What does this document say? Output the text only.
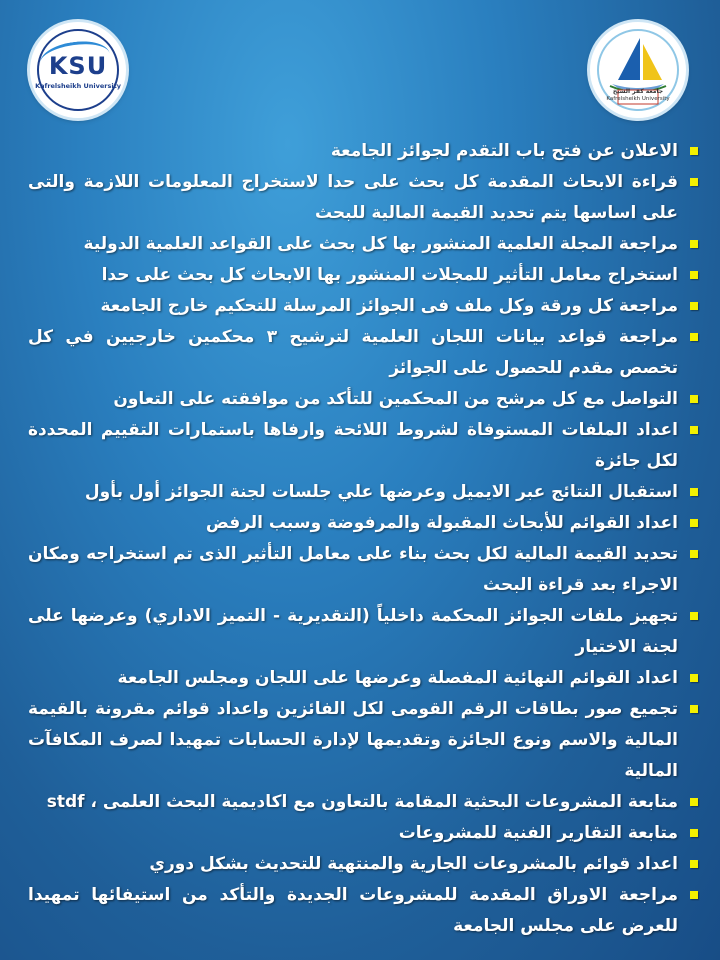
KSU
Kafrelsheikh University
جامعة كفر الشيخ
Kafrelsheikh University
الاعلان عن فتح باب التقدم لجوائز الجامعة
قراءة الابحاث المقدمة كل بحث على حدا لاستخراج المعلومات اللازمة والتى على اساسها يتم تحديد القيمة المالية للبحث
مراجعة المجلة العلمية المنشور بها كل بحث على القواعد العلمية الدولية
استخراج معامل التأثير للمجلات المنشور بها الابحاث كل بحث على حدا
مراجعة كل ورقة وكل ملف فى الجوائز المرسلة للتحكيم خارج الجامعة
مراجعة قواعد بيانات اللجان العلمية لترشيح ٣ محكمين خارجيين في كل تخصص مقدم للحصول على الجوائز
التواصل مع كل مرشح من المحكمين للتأكد من موافقته على التعاون
اعداد الملفات المستوفاة لشروط اللائحة وارفاها باستمارات التقييم المحددة لكل جائزة
استقبال النتائج عبر الايميل وعرضها علي جلسات لجنة الجوائز أول بأول
اعداد القوائم للأبحاث المقبولة والمرفوضة وسبب الرفض
تحديد القيمة المالية لكل بحث بناء على معامل التأثير الذى تم استخراجه ومكان الاجراء بعد قراءة البحث
تجهيز ملفات الجوائز المحكمة داخلياً (التقديرية - التميز الاداري) وعرضها على لجنة الاختيار
اعداد القوائم النهائية المفصلة وعرضها على اللجان ومجلس الجامعة
تجميع صور بطاقات الرقم القومى لكل الفائزين واعداد قوائم مقرونة بالقيمة المالية والاسم ونوع الجائزة وتقديمها لإدارة الحسابات تمهيدا لصرف المكافآت المالية
متابعة المشروعات البحثية المقامة بالتعاون مع اكاديمية البحث العلمى ، stdf
متابعة التقارير الفنية للمشروعات
اعداد قوائم بالمشروعات الجارية والمنتهية للتحديث بشكل دوري
مراجعة الاوراق المقدمة للمشروعات الجديدة والتأكد من استيفائها تمهيدا للعرض على مجلس الجامعة
